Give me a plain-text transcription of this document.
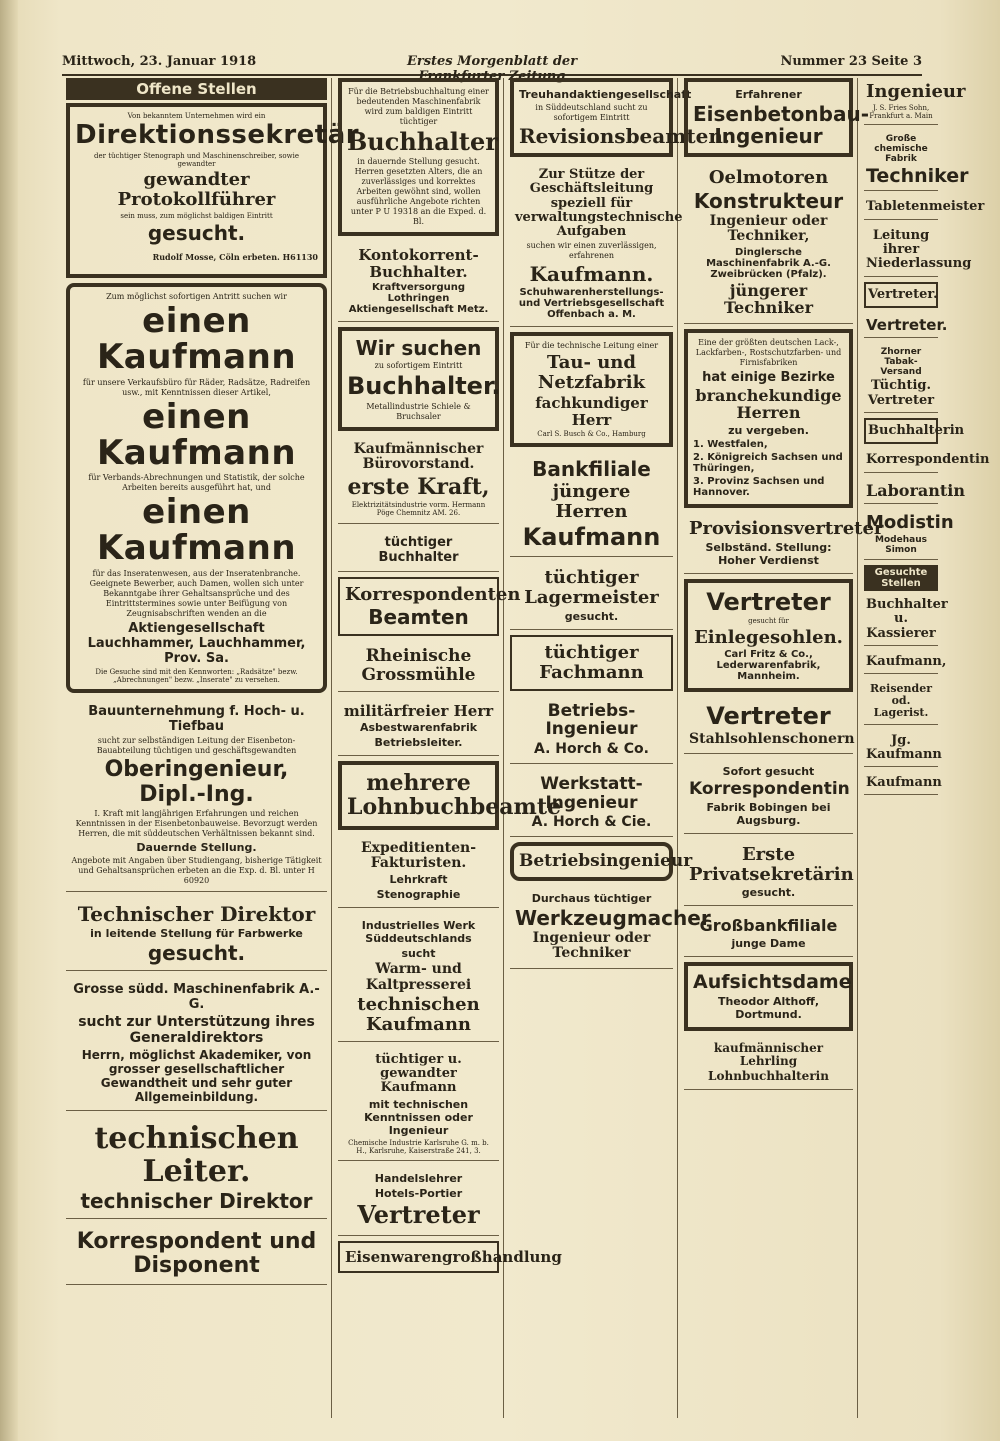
Mittwoch, 23. Januar 1918	Erstes Morgenblatt der Frankfurter Zeitung
Nummer 23 Seite 3
Offene Stellen

Von bekanntem Unternehmen wird ein

Direktionssekretär

der tüchtiger Stenograph und Maschinenschreiber, sowie gewandter

gewandter Protokollführer

sein muss, zum möglichst baldigen Eintritt

gesucht.

Rudolf Mosse, Cöln erbeten. H61130

Zum möglichst sofortigen Antritt suchen wir

einen Kaufmann

für unsere Verkaufsbüro für Räder, Radsätze, Radreifen usw., mit Kenntnissen dieser Artikel,

einen Kaufmann

für Verbands-Abrechnungen und Statistik, der solche Arbeiten bereits ausgeführt hat, und

einen Kaufmann

für das Inseratenwesen, aus der Inseratenbranche. Geeignete Bewerber, auch Damen, wollen sich unter Bekanntgabe ihrer Gehaltsansprüche und des Eintrittstermines sowie unter Beifügung von Zeugnisabschriften wenden an die

Aktiengesellschaft Lauchhammer, Lauchhammer, Prov. Sa.

Die Gesuche sind mit den Kennworten: „Radsätze" bezw. „Abrechnungen" bezw. „Inserate" zu versehen.

Bauunternehmung f. Hoch- u. Tiefbau

sucht zur selbständigen Leitung der Eisenbeton-Bauabteilung tüchtigen und geschäftsgewandten

Oberingenieur, Dipl.-Ing.

I. Kraft mit langjährigen Erfahrungen und reichen Kenntnissen in der Eisenbetonbauweise. Bevorzugt werden Herren, die mit süddeutschen Verhältnissen bekannt sind.

Dauernde Stellung.

Angebote mit Angaben über Studiengang, bisherige Tätigkeit und Gehaltsansprüchen erbeten an die Exp. d. Bl. unter H 60920

Technischer Direktor
in leitende Stellung für Farbwerke
gesucht.
Grosse südd. Maschinenfabrik A.-G.
sucht zur Unterstützung ihres Generaldirektors
Herrn, möglichst Akademiker, von grosser gesellschaftlicher Gewandtheit und sehr guter Allgemeinbildung.
technischen Leiter.
technischer Direktor
Korrespondent und Disponent

Für die Betriebsbuchhaltung einer bedeutenden Maschinenfabrik wird zum baldigen Eintritt tüchtiger

Buchhalter

in dauernde Stellung gesucht. Herren gesetzten Alters, die an zuverlässiges und korrektes Arbeiten gewöhnt sind, wollen ausführliche Angebote richten unter P U 19318 an die Exped. d. Bl.

Kontokorrent-Buchhalter.
Kraftversorgung Lothringen Aktiengesellschaft Metz.
Wir suchen

zu sofortigem Eintritt

Buchhalter.

Metallindustrie Schiele & Bruchsaler

Kaufmännischer Bürovorstand.
erste Kraft,

Elektrizitätsindustrie vorm. Hermann Pöge Chemnitz AM. 26.

tüchtiger Buchhalter
Korrespondenten
Beamten
Rheinische Grossmühle
militärfreier Herr
Asbestwarenfabrik
Betriebsleiter.
mehrere Lohnbuchbeamte
Expeditienten-Fakturisten.
Lehrkraft
Stenographie
Industrielles Werk Süddeutschlands
sucht
Warm- und Kaltpresserei
technischen Kaufmann
tüchtiger u. gewandter Kaufmann
mit technischen Kenntnissen oder Ingenieur

Chemische Industrie Karlsruhe G. m. b. H., Karlsruhe, Kaiserstraße 241, 3.

Handelslehrer
Hotels-Portier
Vertreter
Eisenwarengroßhandlung
Treuhandaktiengesellschaft

in Süddeutschland sucht zu sofortigem Eintritt

Revisionsbeamten.
Zur Stütze der Geschäftsleitung speziell für verwaltungstechnische Aufgaben

suchen wir einen zuverlässigen, erfahrenen

Kaufmann.
Schuhwarenherstellungs- und Vertriebsgesellschaft Offenbach a. M.

Für die technische Leitung einer

Tau- und Netzfabrik
fachkundiger Herr

Carl S. Busch & Co., Hamburg

Bankfiliale
jüngere Herren
Kaufmann
tüchtiger Lagermeister
gesucht.
tüchtiger Fachmann
Betriebs-Ingenieur
A. Horch & Co.
Werkstatt-Ingenieur
A. Horch & Cie.
Betriebsingenieur
Durchaus tüchtiger
Werkzeugmacher
Ingenieur oder Techniker
Erfahrener
Eisenbetonbau-Ingenieur
Oelmotoren
Konstrukteur
Ingenieur oder Techniker,
Dinglersche Maschinenfabrik A.-G. Zweibrücken (Pfalz).
jüngerer Techniker

Eine der größten deutschen Lack-, Lackfarben-, Rostschutzfarben- und Firnisfabriken

hat einige Bezirke
branchekundige Herren
zu vergeben.
1. Westfalen,
2. Königreich Sachsen und Thüringen,
3. Provinz Sachsen und Hannover.
Provisionsvertreter
Selbständ. Stellung: Hoher Verdienst
Vertreter

gesucht für

Einlegesohlen.
Carl Fritz & Co., Lederwarenfabrik, Mannheim.
Vertreter
Stahlsohlenschonern
Sofort gesucht
Korrespondentin
Fabrik Bobingen bei Augsburg.
Erste Privatsekretärin
gesucht.
Großbankfiliale
junge Dame
Aufsichtsdame
Theodor Althoff, Dortmund.
kaufmännischer Lehrling
Lohnbuchhalterin
Ingenieur

J. S. Fries Sohn, Frankfurt a. Main

Große chemische Fabrik
Techniker
Tabletenmeister
Leitung ihrer Niederlassung
Vertreter.
Vertreter.
Zhorner Tabak-Versand
Tüchtig. Vertreter
Buchhalterin
Korrespondentin
Laborantin
Modistin
Modehaus Simon
Gesuchte Stellen
Buchhalter u. Kassierer
Kaufmann,
Reisender od. Lagerist.
Jg. Kaufmann
Kaufmann
